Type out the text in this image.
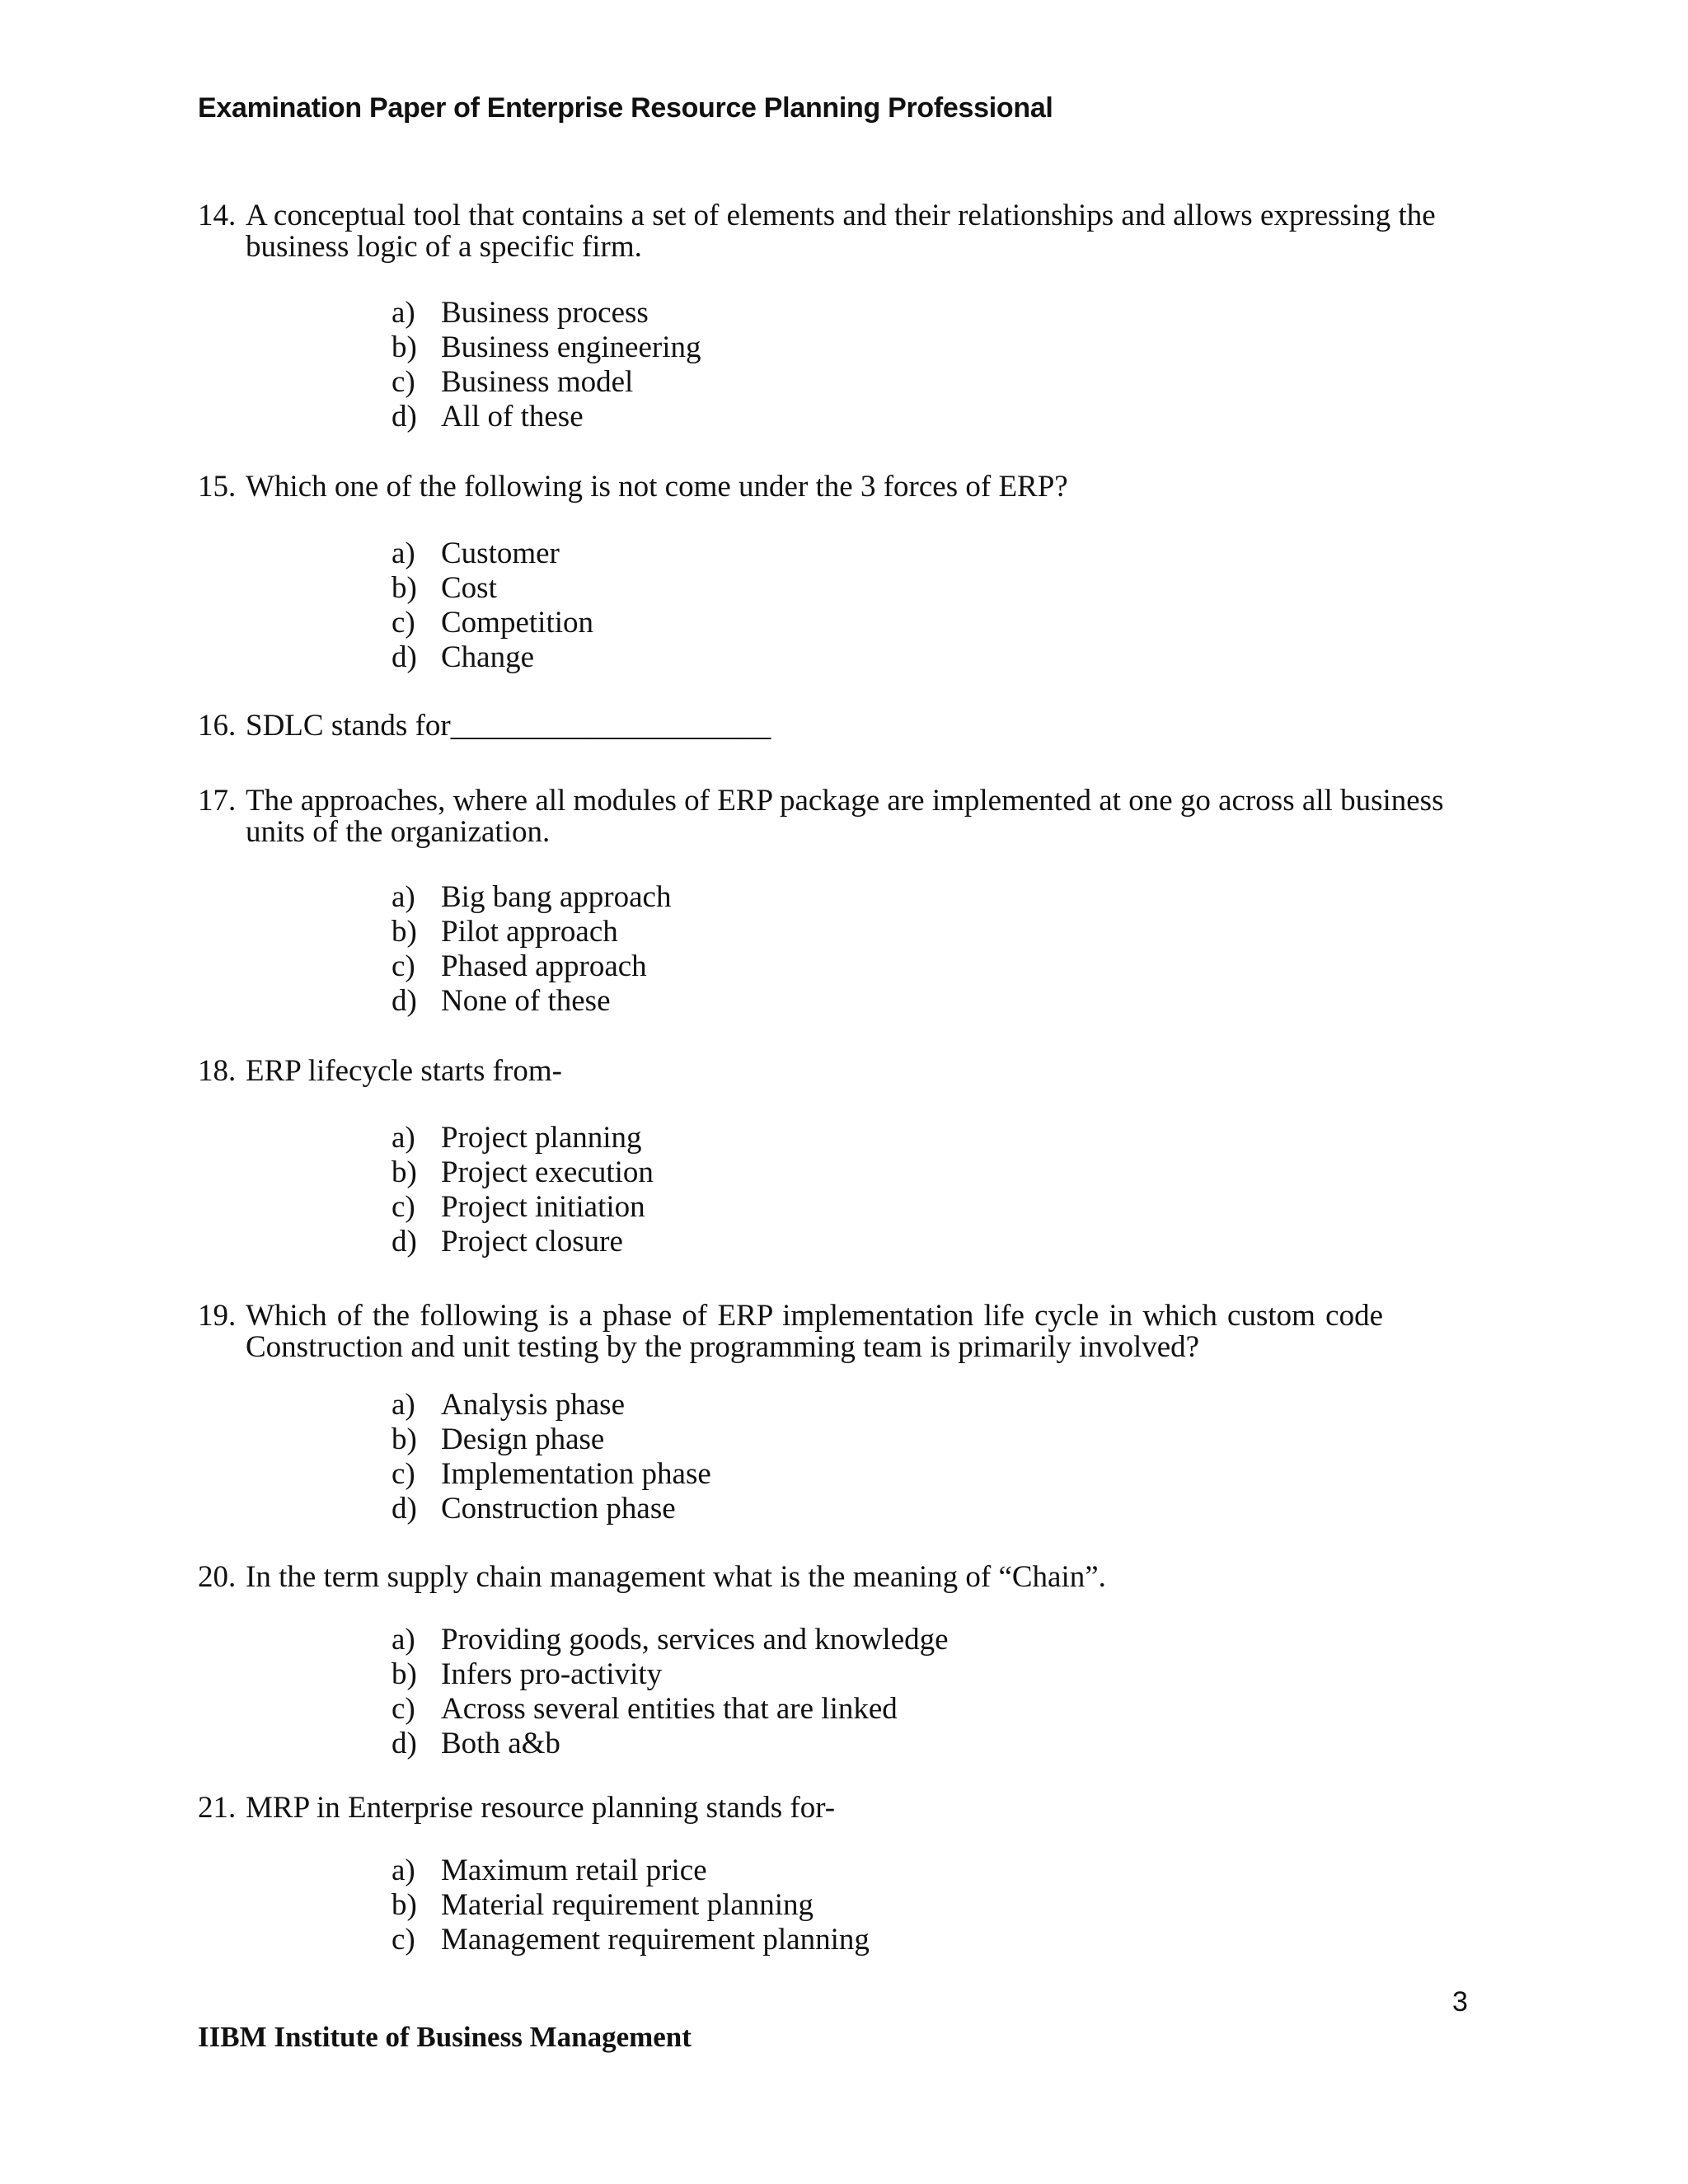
Examination Paper of Enterprise Resource Planning Professional
14. A conceptual tool that contains a set of elements and their relationships and allows expressing the business logic of a specific firm.
a) Business process
b) Business engineering
c) Business model
d) All of these
15. Which one of the following is not come under the 3 forces of ERP?
a) Customer
b) Cost
c) Competition
d) Change
16. SDLC stands for_____________________
17. The approaches, where all modules of ERP package are implemented at one go across all business units of the organization.
a) Big bang approach
b) Pilot approach
c) Phased approach
d) None of these
18. ERP lifecycle starts from-
a) Project planning
b) Project execution
c) Project initiation
d) Project closure
19. Which of the following is a phase of ERP implementation life cycle in which custom code Construction and unit testing by the programming team is primarily involved?
a) Analysis phase
b) Design phase
c) Implementation phase
d) Construction phase
20. In the term supply chain management what is the meaning of “Chain”.
a) Providing goods, services and knowledge
b) Infers pro-activity
c) Across several entities that are linked
d) Both a&b
21. MRP in Enterprise resource planning stands for-
a) Maximum retail price
b) Material requirement planning
c) Management requirement planning
3
IIBM Institute of Business Management
